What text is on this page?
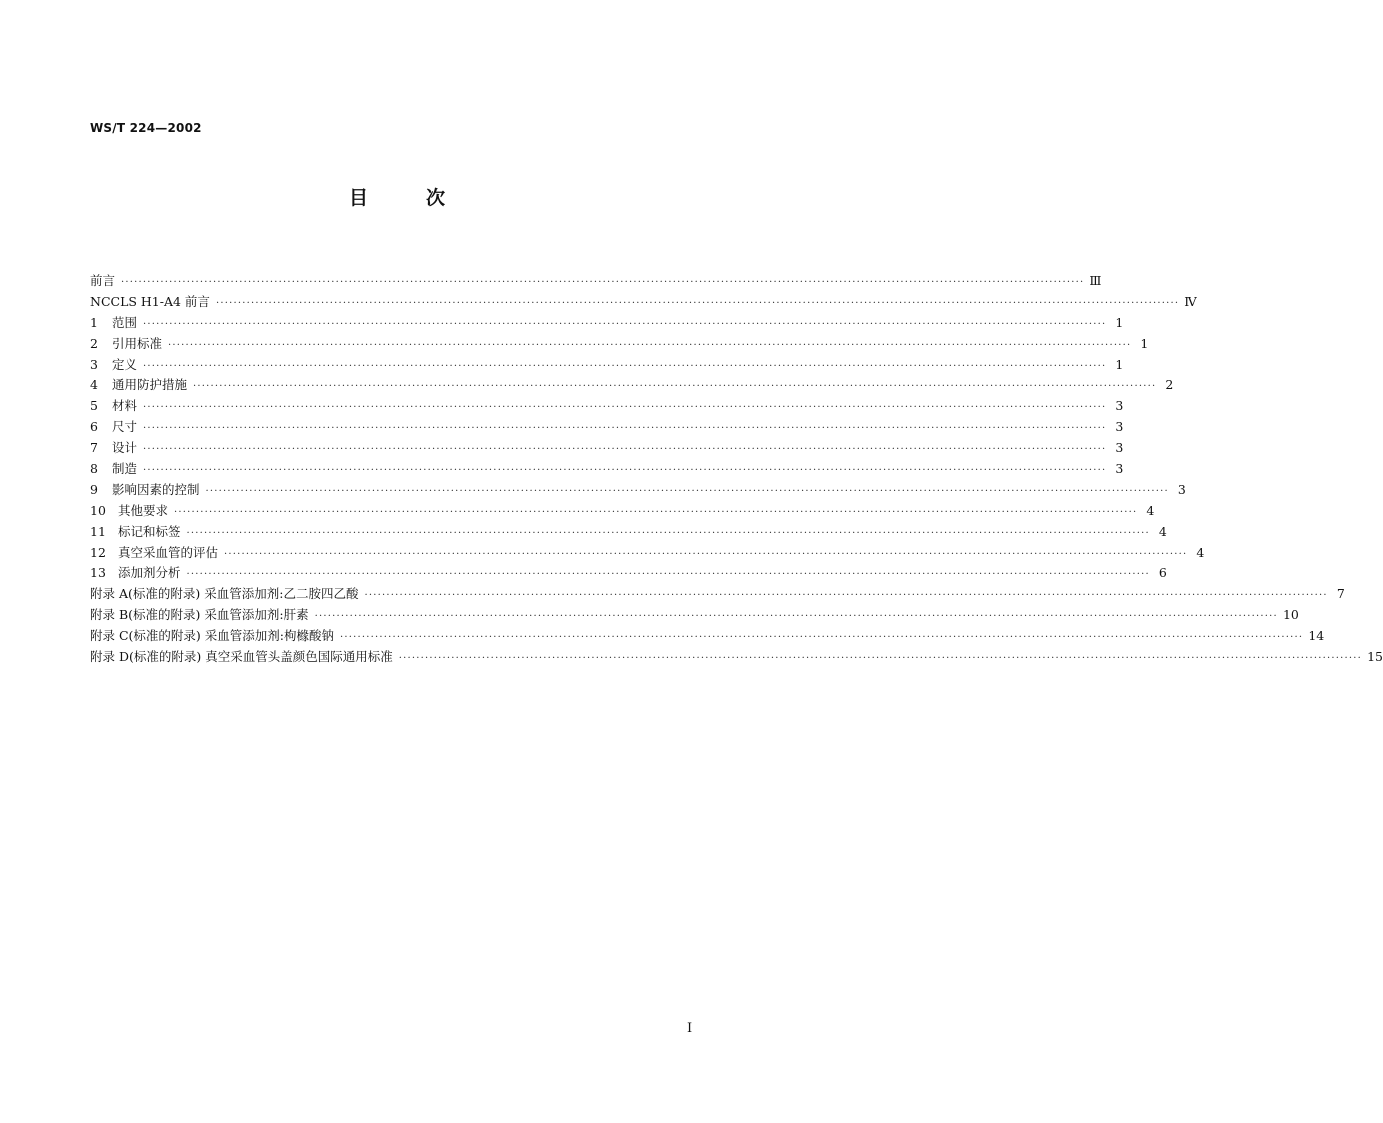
WS/T 224—2002
目	次
前言 ···························································································································································································································· Ⅲ
NCCLS H1-A4 前言 ···························································································································································································································· Ⅳ
1	范围 ···························································································································································································································· 1
2	引用标准 ···························································································································································································································· 1
3	定义 ···························································································································································································································· 1
4	通用防护措施 ···························································································································································································································· 2
5	材料 ···························································································································································································································· 3
6	尺寸 ···························································································································································································································· 3
7	设计 ···························································································································································································································· 3
8	制造 ···························································································································································································································· 3
9	影响因素的控制 ···························································································································································································································· 3
10 其他要求 ···························································································································································································································· 4
11 标记和标签 ···························································································································································································································· 4
12 真空采血管的评估 ···························································································································································································································· 4
13 添加剂分析 ···························································································································································································································· 6
附录 A(标准的附录) 采血管添加剂:乙二胺四乙酸 ···························································································································································································································· 7
附录 B(标准的附录) 采血管添加剂:肝素 ···························································································································································································································· 10
附录 C(标准的附录) 采血管添加剂:枸橼酸钠 ···························································································································································································································· 14
附录 D(标准的附录) 真空采血管头盖颜色国际通用标准 ···························································································································································································································· 15
I
